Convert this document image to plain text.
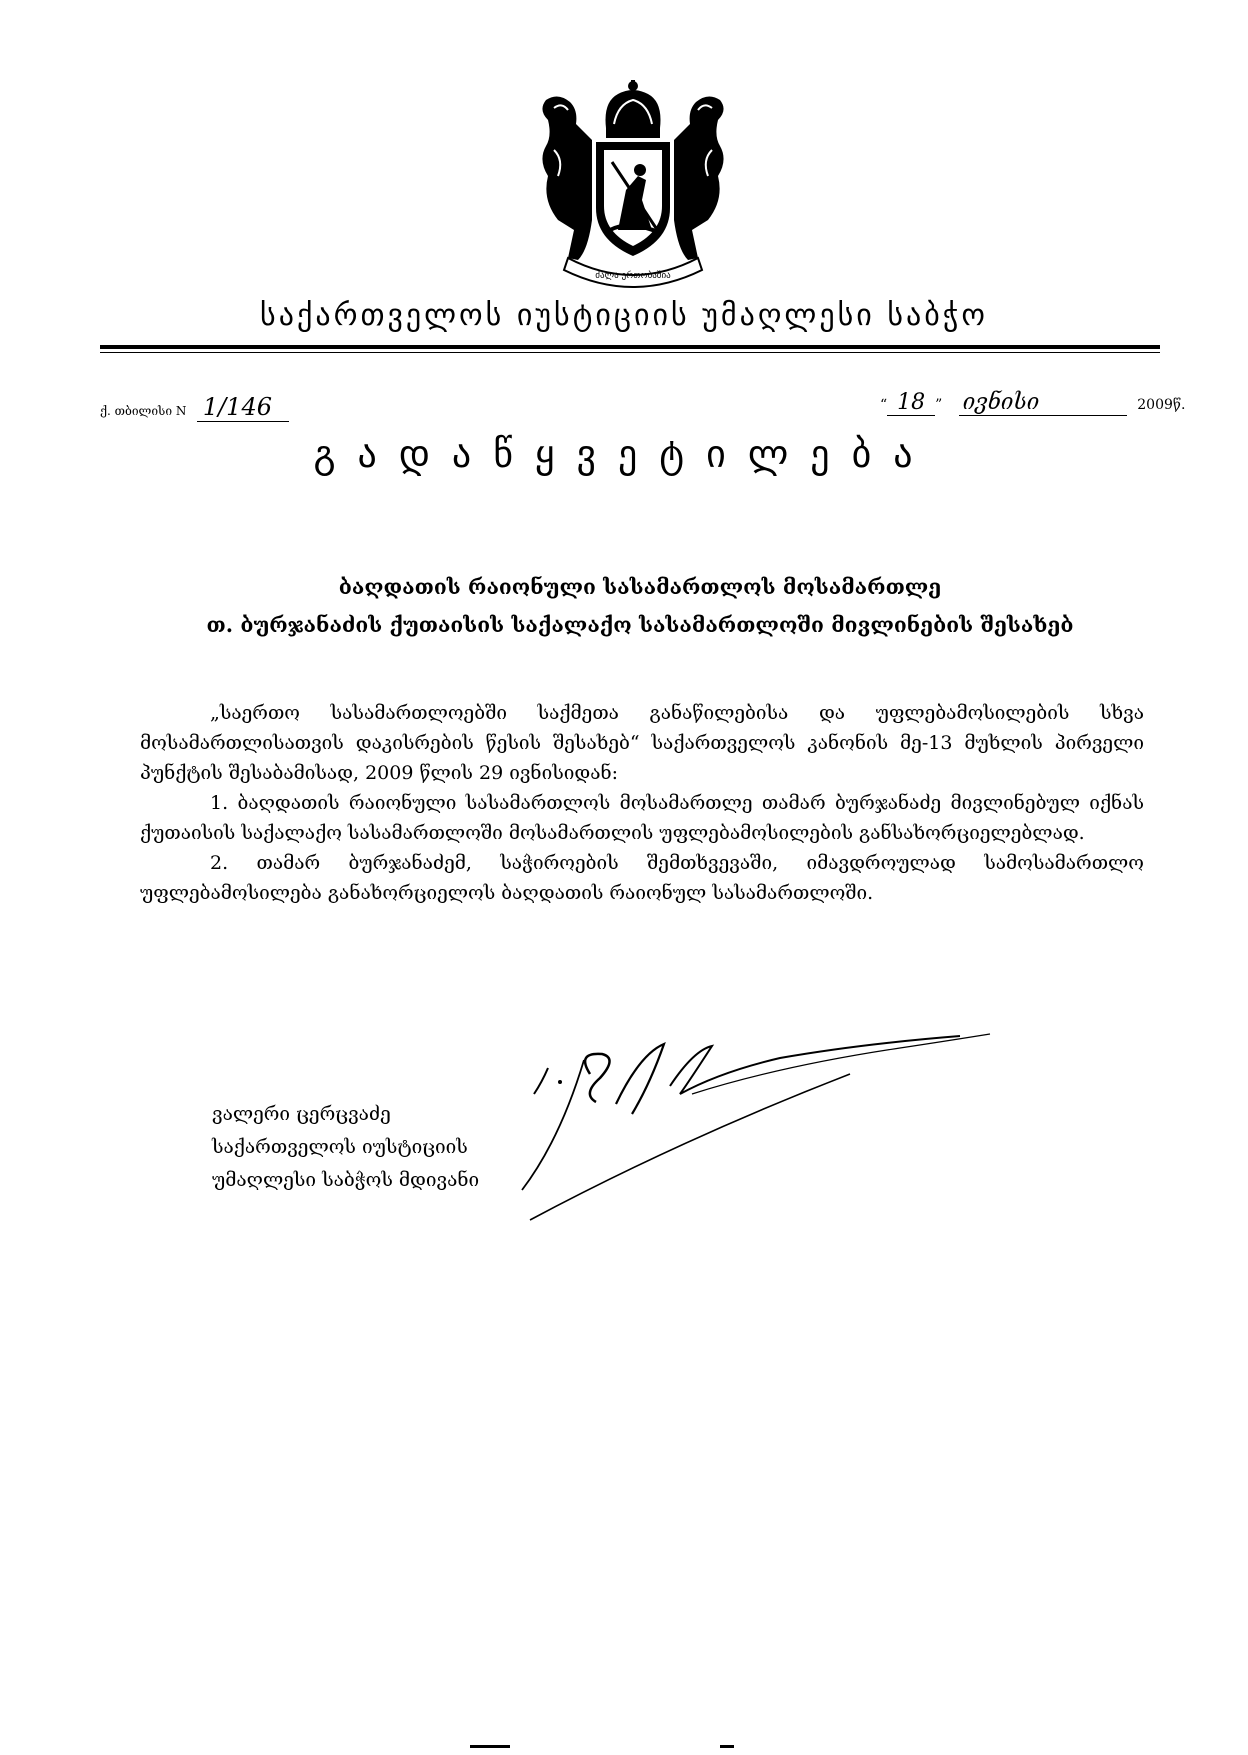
ძალა ერთობაშია
საქართველოს იუსტიციის უმაღლესი საბჭო
ქ. თბილისი N 1/146	“ 18 ” ივნისი	2009წ.
გადაწყვეტილება
ბაღდათის რაიონული სასამართლოს მოსამართლე
თ. ბურჯანაძის ქუთაისის საქალაქო სასამართლოში მივლინების შესახებ

„საერთო სასამართლოებში საქმეთა განაწილებისა და უფლებამოსილების სხვა მოსამართლისათვის დაკისრების წესის შესახებ“ საქართველოს კანონის მე-13 მუხლის პირველი პუნქტის შესაბამისად, 2009 წლის 29 ივნისიდან:

1. ბაღდათის რაიონული სასამართლოს მოსამართლე თამარ ბურჯანაძე მივლინებულ იქნას ქუთაისის საქალაქო სასამართლოში მოსამართლის უფლებამოსილების განსახორციელებლად.

2. თამარ ბურჯანაძემ, საჭიროების შემთხვევაში, იმავდროულად სამოსამართლო უფლებამოსილება განახორციელოს ბაღდათის რაიონულ სასამართლოში.

ვალერი ცერცვაძე
საქართველოს იუსტიციის
უმაღლესი საბჭოს მდივანი
